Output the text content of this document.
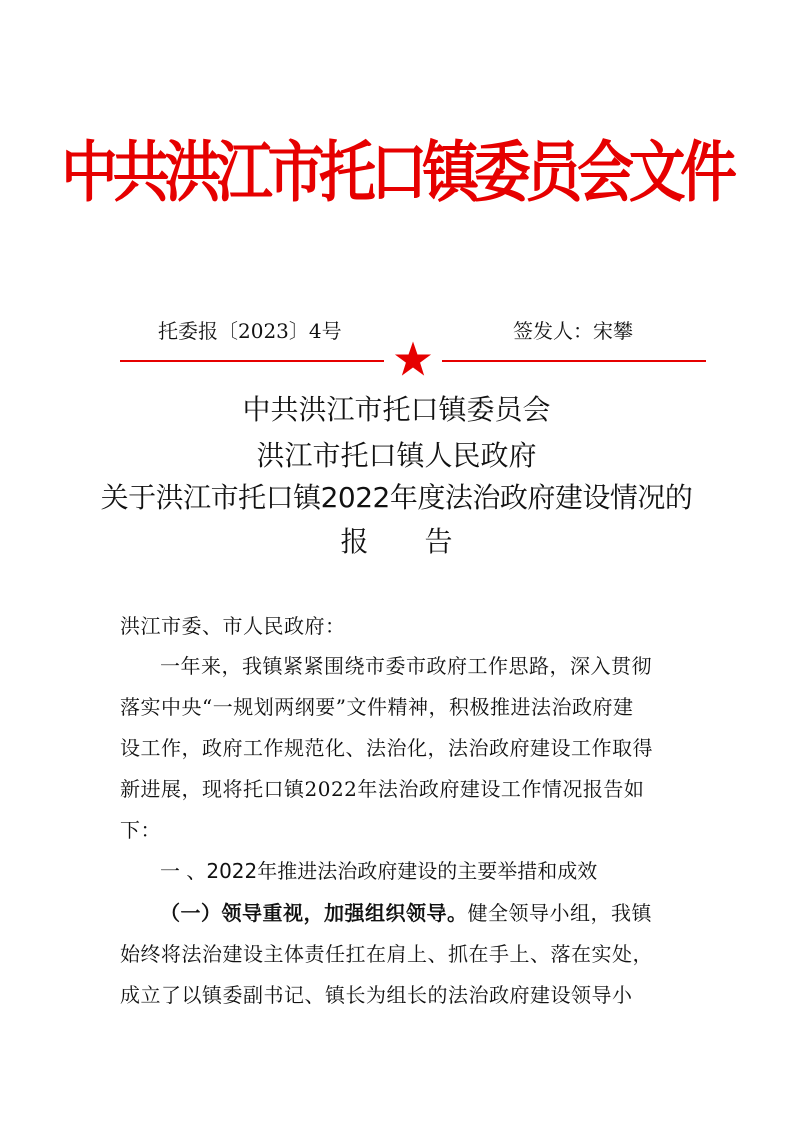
中共洪江市托口镇委员会文件
托委报〔2023〕4号	签发人：宋攀
中共洪江市托口镇委员会
洪江市托口镇人民政府
关于洪江市托口镇2022年度法治政府建设情况的
报　　告
洪江市委、市人民政府：
一年来，我镇紧紧围绕市委市政府工作思路，深入贯彻
落实中央“一规划两纲要”文件精神，积极推进法治政府建
设工作，政府工作规范化、法治化，法治政府建设工作取得
新进展，现将托口镇2022年法治政府建设工作情况报告如
下：
一 、2022年推进法治政府建设的主要举措和成效
（一）领导重视，加强组织领导。健全领导小组，我镇
始终将法治建设主体责任扛在肩上、抓在手上、落在实处，
成立了以镇委副书记、镇长为组长的法治政府建设领导小
